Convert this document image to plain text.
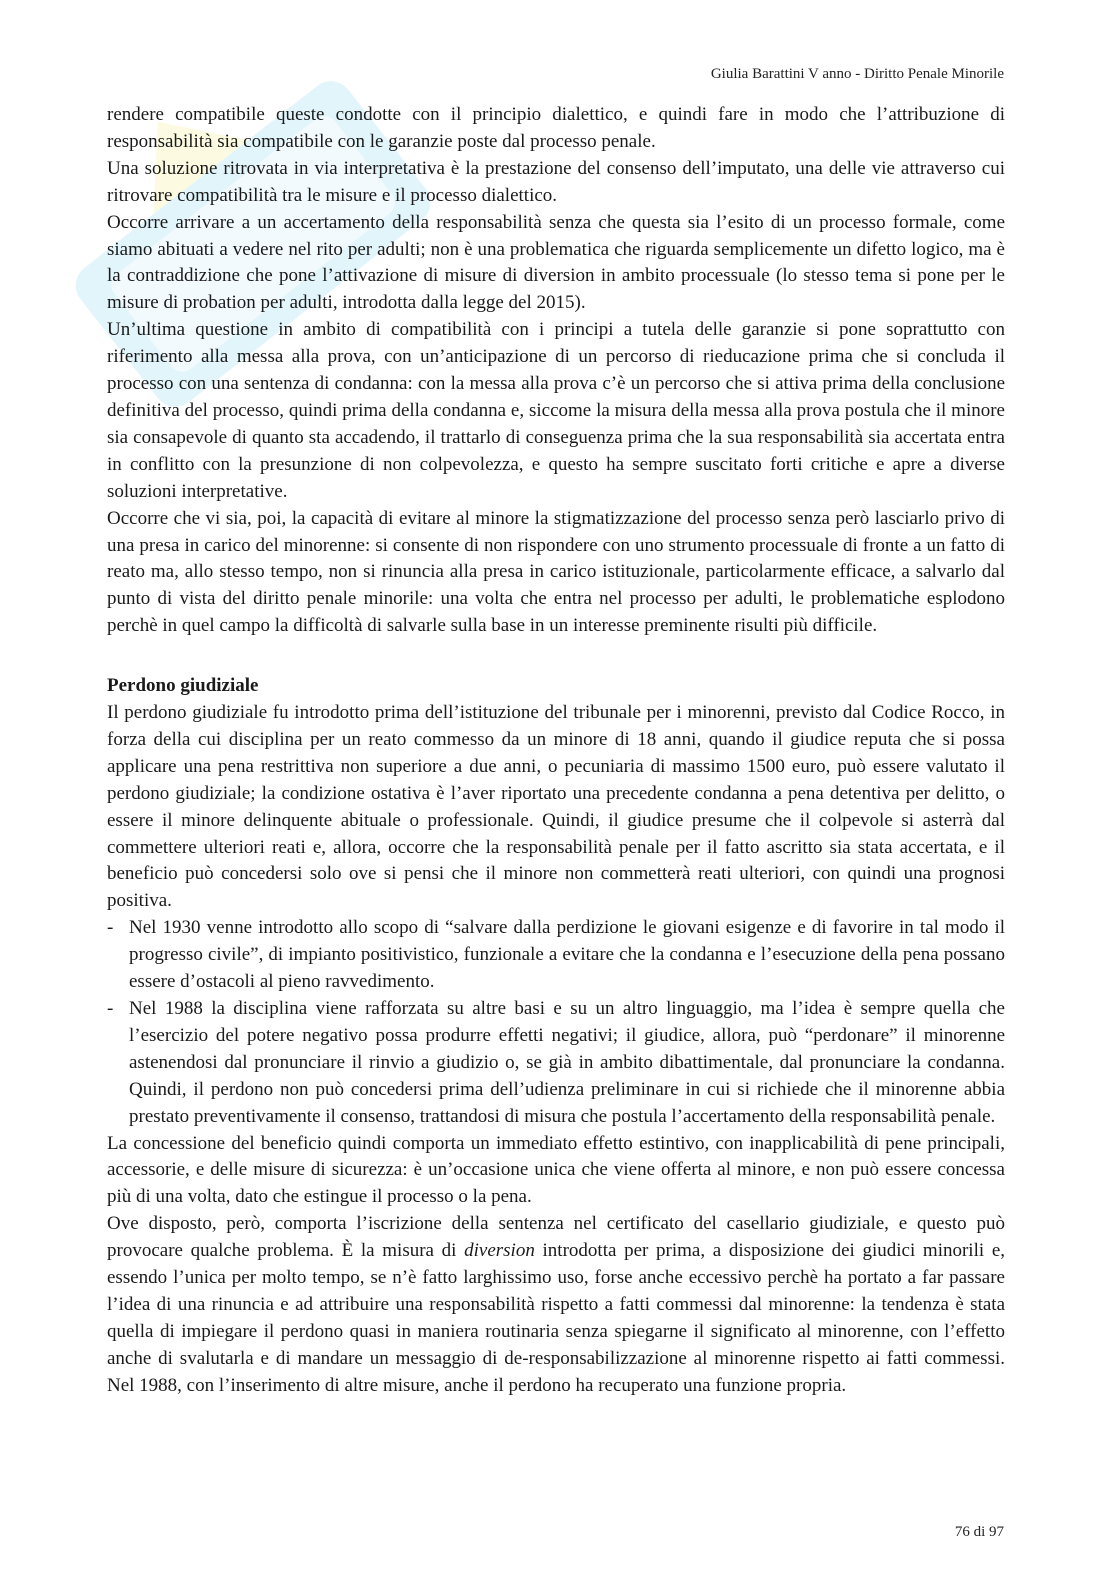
Giulia Barattini V anno - Diritto Penale Minorile

rendere compatibile queste condotte con il principio dialettico, e quindi fare in modo che l’attribuzione di responsabilità sia compatibile con le garanzie poste dal processo penale.

Una soluzione ritrovata in via interpretativa è la prestazione del consenso dell’imputato, una delle vie attraverso cui ritrovare compatibilità tra le misure e il processo dialettico.

Occorre arrivare a un accertamento della responsabilità senza che questa sia l’esito di un processo formale, come siamo abituati a vedere nel rito per adulti; non è una problematica che riguarda semplicemente un difetto logico, ma è la contraddizione che pone l’attivazione di misure di diversion in ambito processuale (lo stesso tema si pone per le misure di probation per adulti, introdotta dalla legge del 2015).

Un’ultima questione in ambito di compatibilità con i principi a tutela delle garanzie si pone soprattutto con riferimento alla messa alla prova, con un’anticipazione di un percorso di rieducazione prima che si concluda il processo con una sentenza di condanna: con la messa alla prova c’è un percorso che si attiva prima della conclusione definitiva del processo, quindi prima della condanna e, siccome la misura della messa alla prova postula che il minore sia consapevole di quanto sta accadendo, il trattarlo di conseguenza prima che la sua responsabilità sia accertata entra in conflitto con la presunzione di non colpevolezza, e questo ha sempre suscitato forti critiche e apre a diverse soluzioni interpretative.

Occorre che vi sia, poi, la capacità di evitare al minore la stigmatizzazione del processo senza però lasciarlo privo di una presa in carico del minorenne: si consente di non rispondere con uno strumento processuale di fronte a un fatto di reato ma, allo stesso tempo, non si rinuncia alla presa in carico istituzionale, particolarmente efficace, a salvarlo dal punto di vista del diritto penale minorile: una volta che entra nel processo per adulti, le problematiche esplodono perchè in quel campo la difficoltà di salvarle sulla base in un interesse preminente risulti più difficile.

Perdono giudiziale

Il perdono giudiziale fu introdotto prima dell’istituzione del tribunale per i minorenni, previsto dal Codice Rocco, in forza della cui disciplina per un reato commesso da un minore di 18 anni, quando il giudice reputa che si possa applicare una pena restrittiva non superiore a due anni, o pecuniaria di massimo 1500 euro, può essere valutato il perdono giudiziale; la condizione ostativa è l’aver riportato una precedente condanna a pena detentiva per delitto, o essere il minore delinquente abituale o professionale. Quindi, il giudice presume che il colpevole si asterrà dal commettere ulteriori reati e, allora, occorre che la responsabilità penale per il fatto ascritto sia stata accertata, e il beneficio può concedersi solo ove si pensi che il minore non commetterà reati ulteriori, con quindi una prognosi positiva.

- Nel 1930 venne introdotto allo scopo di “salvare dalla perdizione le giovani esigenze e di favorire in tal modo il progresso civile”, di impianto positivistico, funzionale a evitare che la condanna e l’esecuzione della pena possano essere d’ostacoli al pieno ravvedimento.
- Nel 1988 la disciplina viene rafforzata su altre basi e su un altro linguaggio, ma l’idea è sempre quella che l’esercizio del potere negativo possa produrre effetti negativi; il giudice, allora, può “perdonare” il minorenne astenendosi dal pronunciare il rinvio a giudizio o, se già in ambito dibattimentale, dal pronunciare la condanna. Quindi, il perdono non può concedersi prima dell’udienza preliminare in cui si richiede che il minorenne abbia prestato preventivamente il consenso, trattandosi di misura che postula l’accertamento della responsabilità penale.

La concessione del beneficio quindi comporta un immediato effetto estintivo, con inapplicabilità di pene principali, accessorie, e delle misure di sicurezza: è un’occasione unica che viene offerta al minore, e non può essere concessa più di una volta, dato che estingue il processo o la pena.

Ove disposto, però, comporta l’iscrizione della sentenza nel certificato del casellario giudiziale, e questo può provocare qualche problema. È la misura di diversion introdotta per prima, a disposizione dei giudici minorili e, essendo l’unica per molto tempo, se n’è fatto larghissimo uso, forse anche eccessivo perchè ha portato a far passare l’idea di una rinuncia e ad attribuire una responsabilità rispetto a fatti commessi dal minorenne: la tendenza è stata quella di impiegare il perdono quasi in maniera routinaria senza spiegarne il significato al minorenne, con l’effetto anche di svalutarla e di mandare un messaggio di de-responsabilizzazione al minorenne rispetto ai fatti commessi. Nel 1988, con l’inserimento di altre misure, anche il perdono ha recuperato una funzione propria.

76 di 97
